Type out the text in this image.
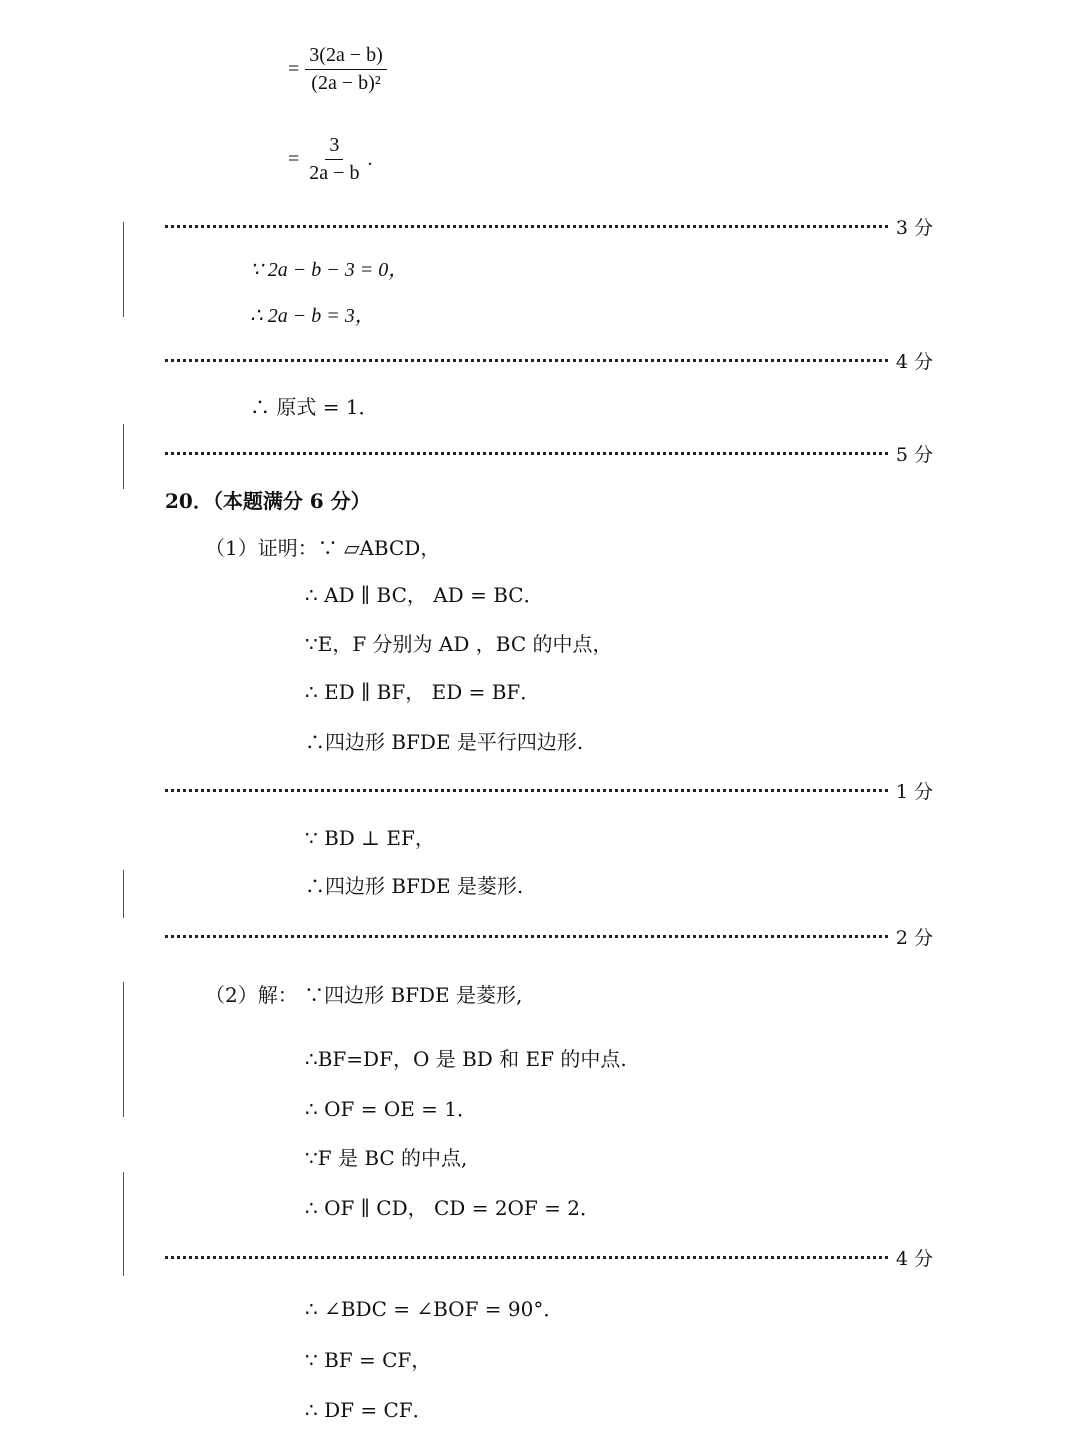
= $\frac{3(2a - b)}{\text{(2a − b)²}}$
= $\frac{3}{2a - b}$ .
3 分
∵ 2a − b − 3 = 0，
∴ 2a − b = 3，
4 分
∴ 原式 = 1．
5 分
20．（本题满分 6 分）
（1）证明：∵ ▱ABCD，
∴ AD ∥ BC， AD = BC．
∵E，F 分别为 AD ，BC 的中点，
∴ ED ∥ BF， ED = BF．
∴四边形 BFDE 是平行四边形.
1 分
∵ BD ⊥ EF，
∴四边形 BFDE 是菱形.
2 分
（2）解： ∵四边形 BFDE 是菱形,
∴BF=DF，O 是 BD 和 EF 的中点.
∴ OF = OE = 1．
∵F 是 BC 的中点,
∴ OF ∥ CD， CD = 2OF = 2．
4 分
∴ ∠BDC = ∠BOF = 90°．
∵ BF = CF，
∴ DF = CF．
